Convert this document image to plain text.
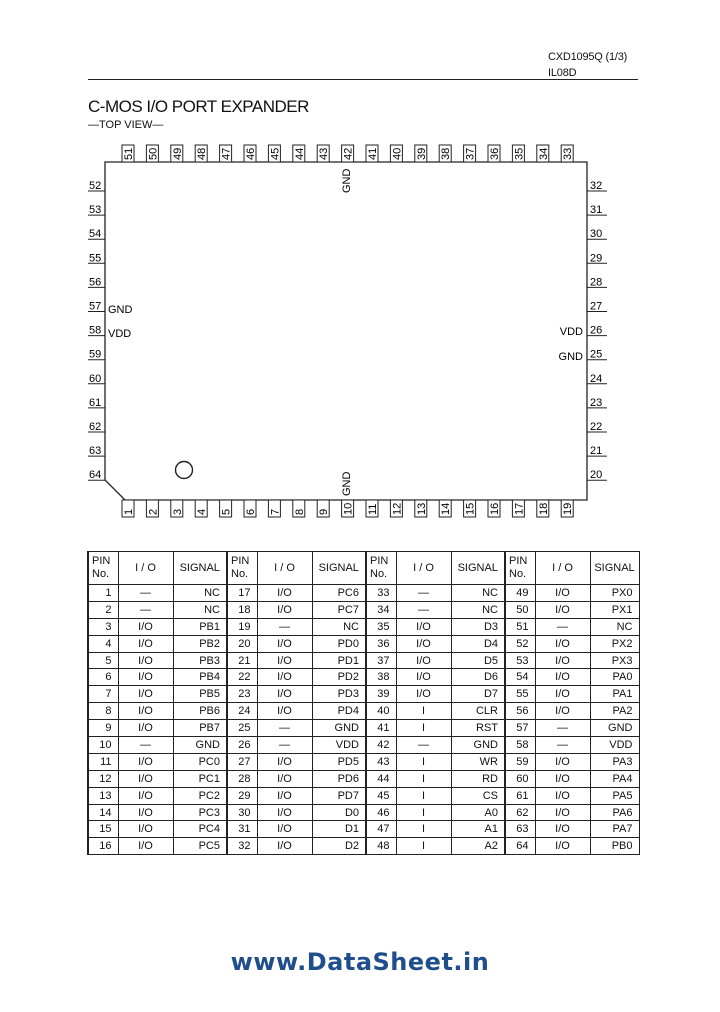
CXD1095Q (1/3)
IL08D
C-MOS I/O PORT EXPANDER
—TOP VIEW—
51 50 49 48 47 46 45 44 43 42 41 40 39 38 37 36 35 34 33
1 2 3 4 5 6 7 8 9 10 11 12 13 14 15 16 17 18 19
52
53
54
55
56
57
58
59
60
61
62
63
64
32
31
30
29
28
27
26
25
24
23
22
21
20
GND
GND
GND
VDD	VDD
GND
PIN No.	I / O	SIGNAL	PIN No.	I / O	SIGNAL	PIN No.	I / O	SIGNAL	PIN No.	I / O	SIGNAL
1	—	NC	17	I/O	PC6	33	—	NC	49	I/O	PX0
2	—	NC	18	I/O	PC7	34	—	NC	50	I/O	PX1
3	I/O	PB1	19	—	NC	35	I/O	D3	51	—	NC
4	I/O	PB2	20	I/O	PD0	36	I/O	D4	52	I/O	PX2
5	I/O	PB3	21	I/O	PD1	37	I/O	D5	53	I/O	PX3
6	I/O	PB4	22	I/O	PD2	38	I/O	D6	54	I/O	PA0
7	I/O	PB5	23	I/O	PD3	39	I/O	D7	55	I/O	PA1
8	I/O	PB6	24	I/O	PD4	40	I	CLR	56	I/O	PA2
9	I/O	PB7	25	—	GND	41	I	RST	57	—	GND
10	—	GND	26	—	VDD	42	—	GND	58	—	VDD
11	I/O	PC0	27	I/O	PD5	43	I	WR	59	I/O	PA3
12	I/O	PC1	28	I/O	PD6	44	I	RD	60	I/O	PA4
13	I/O	PC2	29	I/O	PD7	45	I	CS	61	I/O	PA5
14	I/O	PC3	30	I/O	D0	46	I	A0	62	I/O	PA6
15	I/O	PC4	31	I/O	D1	47	I	A1	63	I/O	PA7
16	I/O	PC5	32	I/O	D2	48	I	A2	64	I/O	PB0
www.DataSheet.in
